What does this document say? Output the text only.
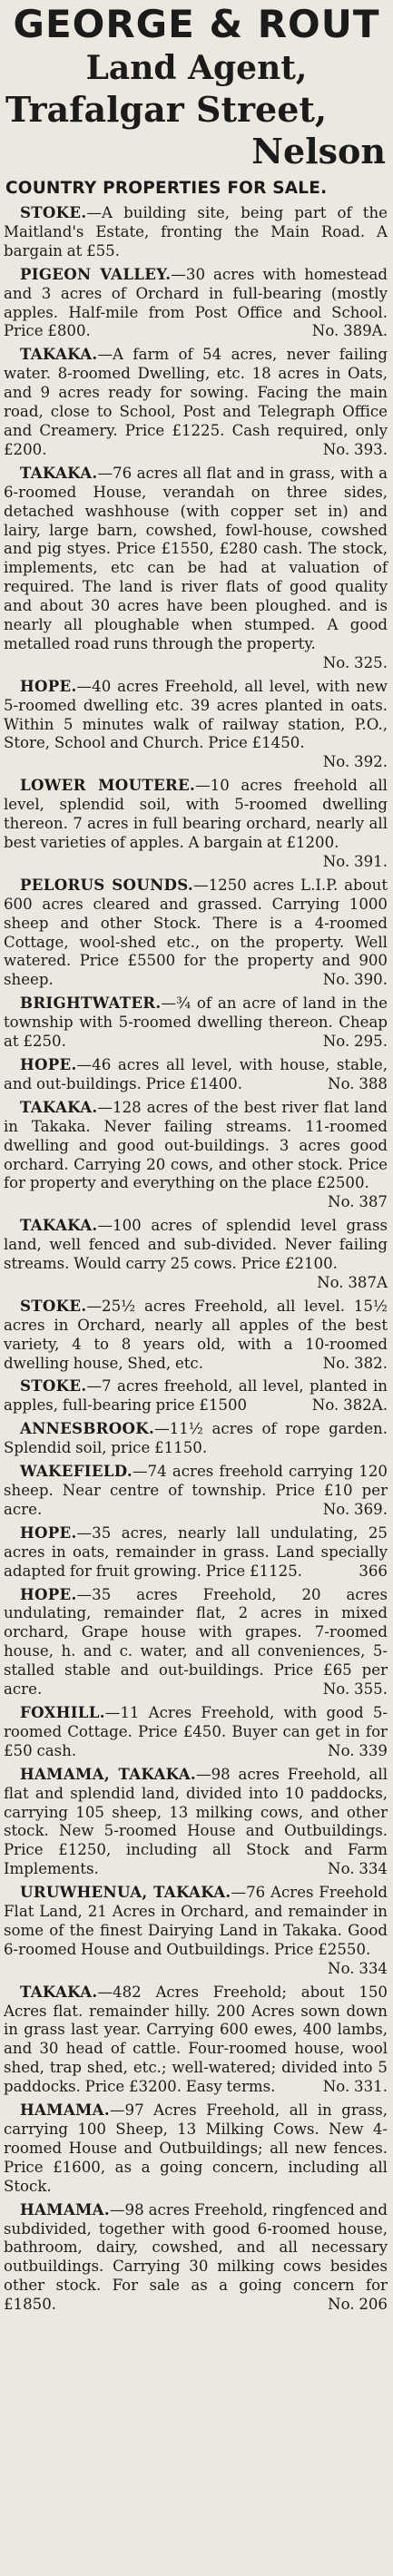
GEORGE & ROUT
Land Agent,
Trafalgar Street,
Nelson
COUNTRY PROPERTIES FOR SALE.

STOKE.—A building site, being part of the Maitland's Estate, fronting the Main Road. A bargain at £55.

PIGEON VALLEY.—30 acres with homestead and 3 acres of Orchard in full-bearing (mostly apples. Half-mile from Post Office and School. Price £800.	No. 389A.

TAKAKA.—A farm of 54 acres, never failing water. 8-roomed Dwelling, etc. 18 acres in Oats, and 9 acres ready for sowing. Facing the main road, close to School, Post and Telegraph Office and Creamery. Price £1225. Cash required, only £200.	No. 393.

TAKAKA.—76 acres all flat and in grass, with a 6-roomed House, verandah on three sides, detached washhouse (with copper set in) and lairy, large barn, cowshed, fowl-house, cowshed and pig styes. Price £1550, £280 cash. The stock, implements, etc can be had at valuation of required. The land is river flats of good quality and about 30 acres have been ploughed. and is nearly all ploughable when stumped. A good metalled road runs through the property.
No. 325.

HOPE.—40 acres Freehold, all level, with new 5-roomed dwelling etc. 39 acres planted in oats. Within 5 minutes walk of railway station, P.O., Store, School and Church. Price £1450.
No. 392.

LOWER MOUTERE.—10 acres freehold all level, splendid soil, with 5-roomed dwelling thereon. 7 acres in full bearing orchard, nearly all best varieties of apples. A bargain at £1200.
No. 391.

PELORUS SOUNDS.—1250 acres L.I.P. about 600 acres cleared and grassed. Carrying 1000 sheep and other Stock. There is a 4-roomed Cottage, wool-shed etc., on the property. Well watered. Price £5500 for the property and 900 sheep.	No. 390.

BRIGHTWATER.—¾ of an acre of land in the township with 5-roomed dwelling thereon. Cheap at £250.	No. 295.

HOPE.—46 acres all level, with house, stable, and out-buildings. Price £1400.	No. 388

TAKAKA.—128 acres of the best river flat land in Takaka. Never failing streams. 11-roomed dwelling and good out-buildings. 3 acres good orchard. Carrying 20 cows, and other stock. Price for property and everything on the place £2500.
No. 387

TAKAKA.—100 acres of splendid level grass land, well fenced and sub-divided. Never failing streams. Would carry 25 cows. Price £2100.
No. 387A

STOKE.—25½ acres Freehold, all level. 15½ acres in Orchard, nearly all apples of the best variety, 4 to 8 years old, with a 10-roomed dwelling house, Shed, etc.	No. 382.

STOKE.—7 acres freehold, all level, planted in apples, full-bearing price £1500	No. 382A.

ANNESBROOK.—11½ acres of rope garden. Splendid soil, price £1150.

WAKEFIELD.—74 acres freehold carrying 120 sheep. Near centre of township. Price £10 per acre.	No. 369.

HOPE.—35 acres, nearly lall undulating, 25 acres in oats, remainder in grass. Land specially adapted for fruit growing. Price £1125.	366

HOPE.—35 acres Freehold, 20 acres undulating, remainder flat, 2 acres in mixed orchard, Grape house with grapes. 7-roomed house, h. and c. water, and all conveniences, 5-stalled stable and out-buildings. Price £65 per acre.	No. 355.

FOXHILL.—11 Acres Freehold, with good 5-roomed Cottage. Price £450. Buyer can get in for £50 cash.	No. 339

HAMAMA, TAKAKA.—98 acres Freehold, all flat and splendid land, divided into 10 paddocks, carrying 105 sheep, 13 milking cows, and other stock. New 5-roomed House and Outbuildings. Price £1250, including all Stock and Farm Implements.	No. 334

URUWHENUA, TAKAKA.—76 Acres Freehold Flat Land, 21 Acres in Orchard, and remainder in some of the finest Dairying Land in Takaka. Good 6-roomed House and Outbuildings. Price £2550.
No. 334

TAKAKA.—482 Acres Freehold; about 150 Acres flat. remainder hilly. 200 Acres sown down in grass last year. Carrying 600 ewes, 400 lambs, and 30 head of cattle. Four-roomed house, wool shed, trap shed, etc.; well-watered; divided into 5 paddocks. Price £3200. Easy terms.	No. 331.

HAMAMA.—97 Acres Freehold, all in grass, carrying 100 Sheep, 13 Milking Cows. New 4-roomed House and Outbuildings; all new fences. Price £1600, as a going concern, including all Stock.

HAMAMA.—98 acres Freehold, ringfenced and subdivided, together with good 6-roomed house, bathroom, dairy, cowshed, and all necessary outbuildings. Carrying 30 milking cows besides other stock. For sale as a going concern for £1850.	No. 206
